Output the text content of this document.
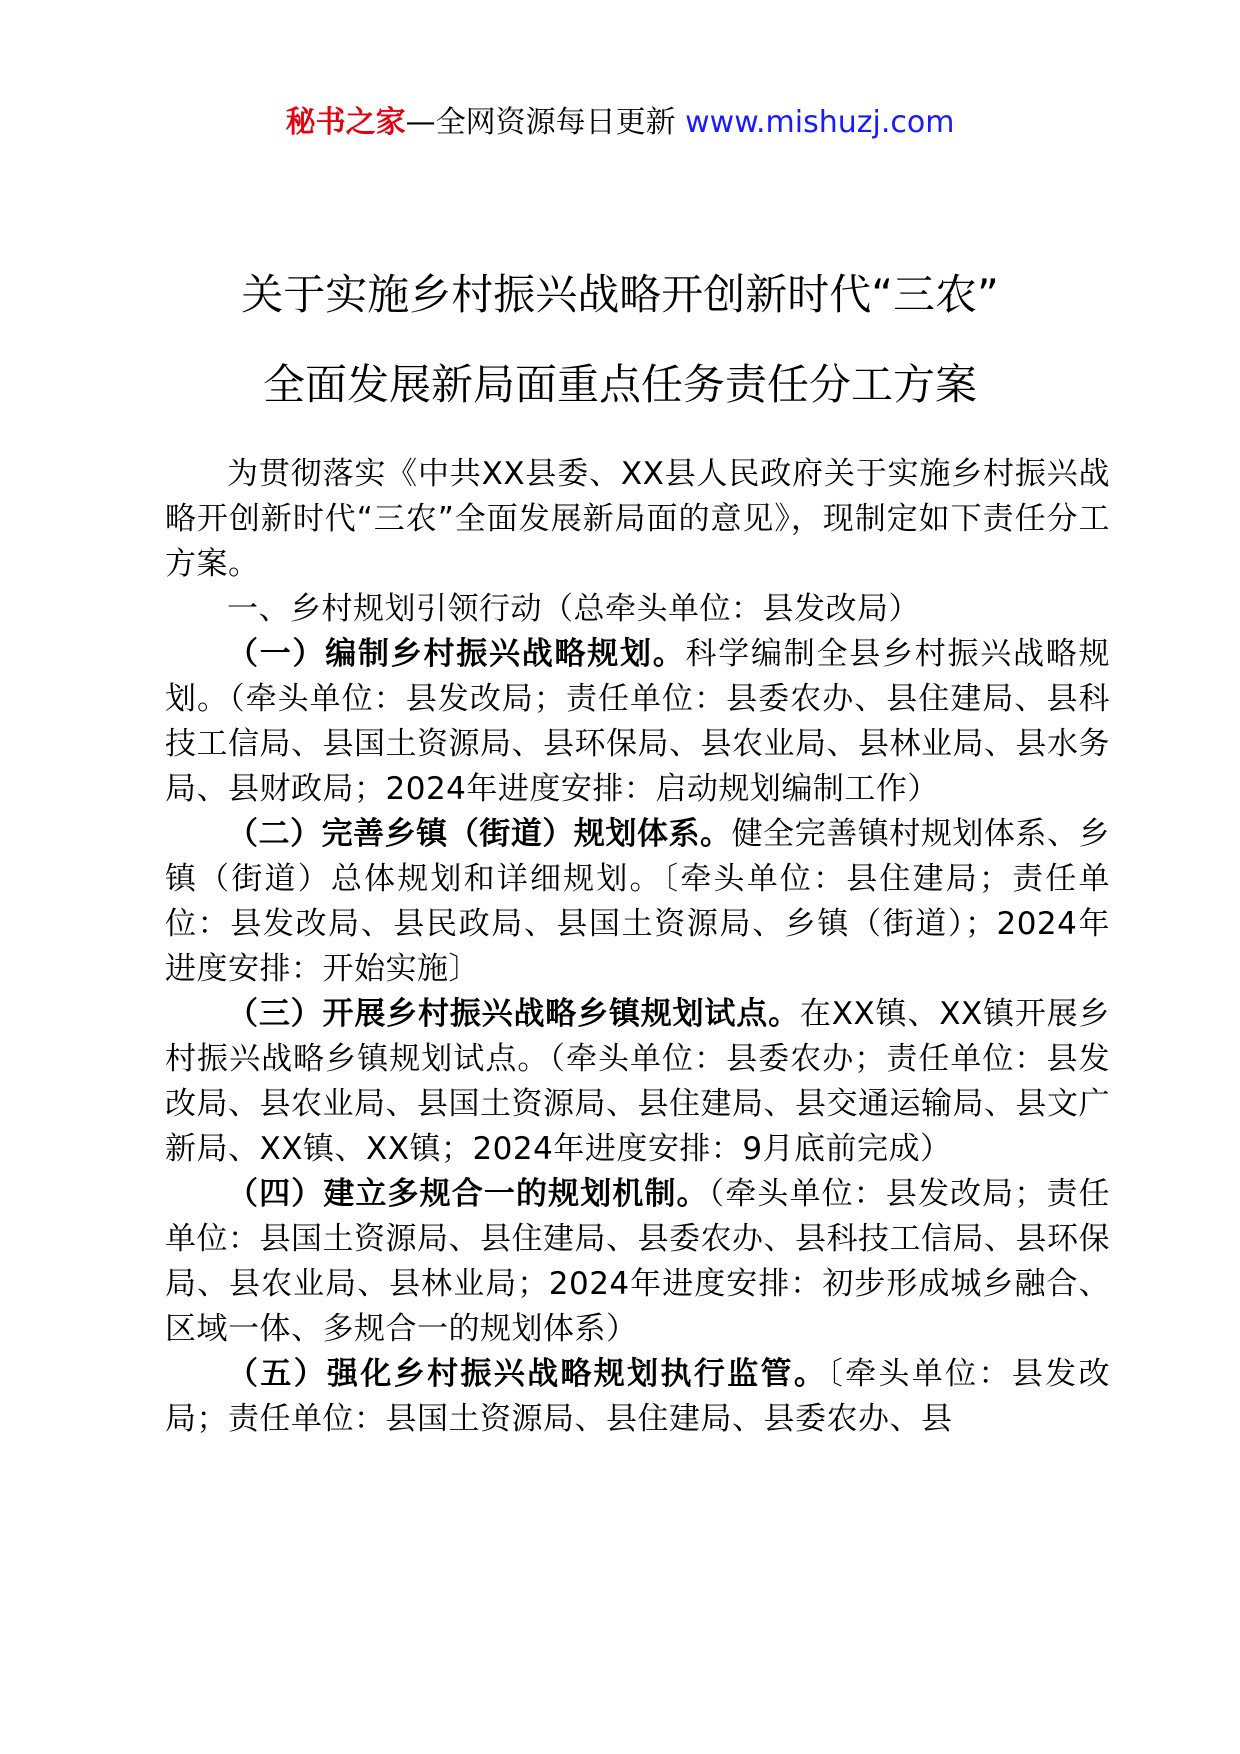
秘书之家—全网资源每日更新 www.mishuzj.com
关于实施乡村振兴战略开创新时代“三农”
全面发展新局面重点任务责任分工方案

为贯彻落实《中共XX县委、XX县人民政府关于实施乡村振兴战略开创新时代“三农”全面发展新局面的意见》，现制定如下责任分工方案。

一、乡村规划引领行动（总牵头单位：县发改局）

（一）编制乡村振兴战略规划。科学编制全县乡村振兴战略规划。（牵头单位：县发改局；责任单位：县委农办、县住建局、县科技工信局、县国土资源局、县环保局、县农业局、县林业局、县水务局、县财政局；2024年进度安排：启动规划编制工作）

（二）完善乡镇（街道）规划体系。健全完善镇村规划体系、乡镇（街道）总体规划和详细规划。〔牵头单位：县住建局；责任单位：县发改局、县民政局、县国土资源局、乡镇（街道）；2024年进度安排：开始实施〕

（三）开展乡村振兴战略乡镇规划试点。在XX镇、XX镇开展乡村振兴战略乡镇规划试点。（牵头单位：县委农办；责任单位：县发改局、县农业局、县国土资源局、县住建局、县交通运输局、县文广新局、XX镇、XX镇；2024年进度安排：9月底前完成）

（四）建立多规合一的规划机制。（牵头单位：县发改局；责任单位：县国土资源局、县住建局、县委农办、县科技工信局、县环保局、县农业局、县林业局；2024年进度安排：初步形成城乡融合、区域一体、多规合一的规划体系）

（五）强化乡村振兴战略规划执行监管。〔牵头单位：县发改局；责任单位：县国土资源局、县住建局、县委农办、县
